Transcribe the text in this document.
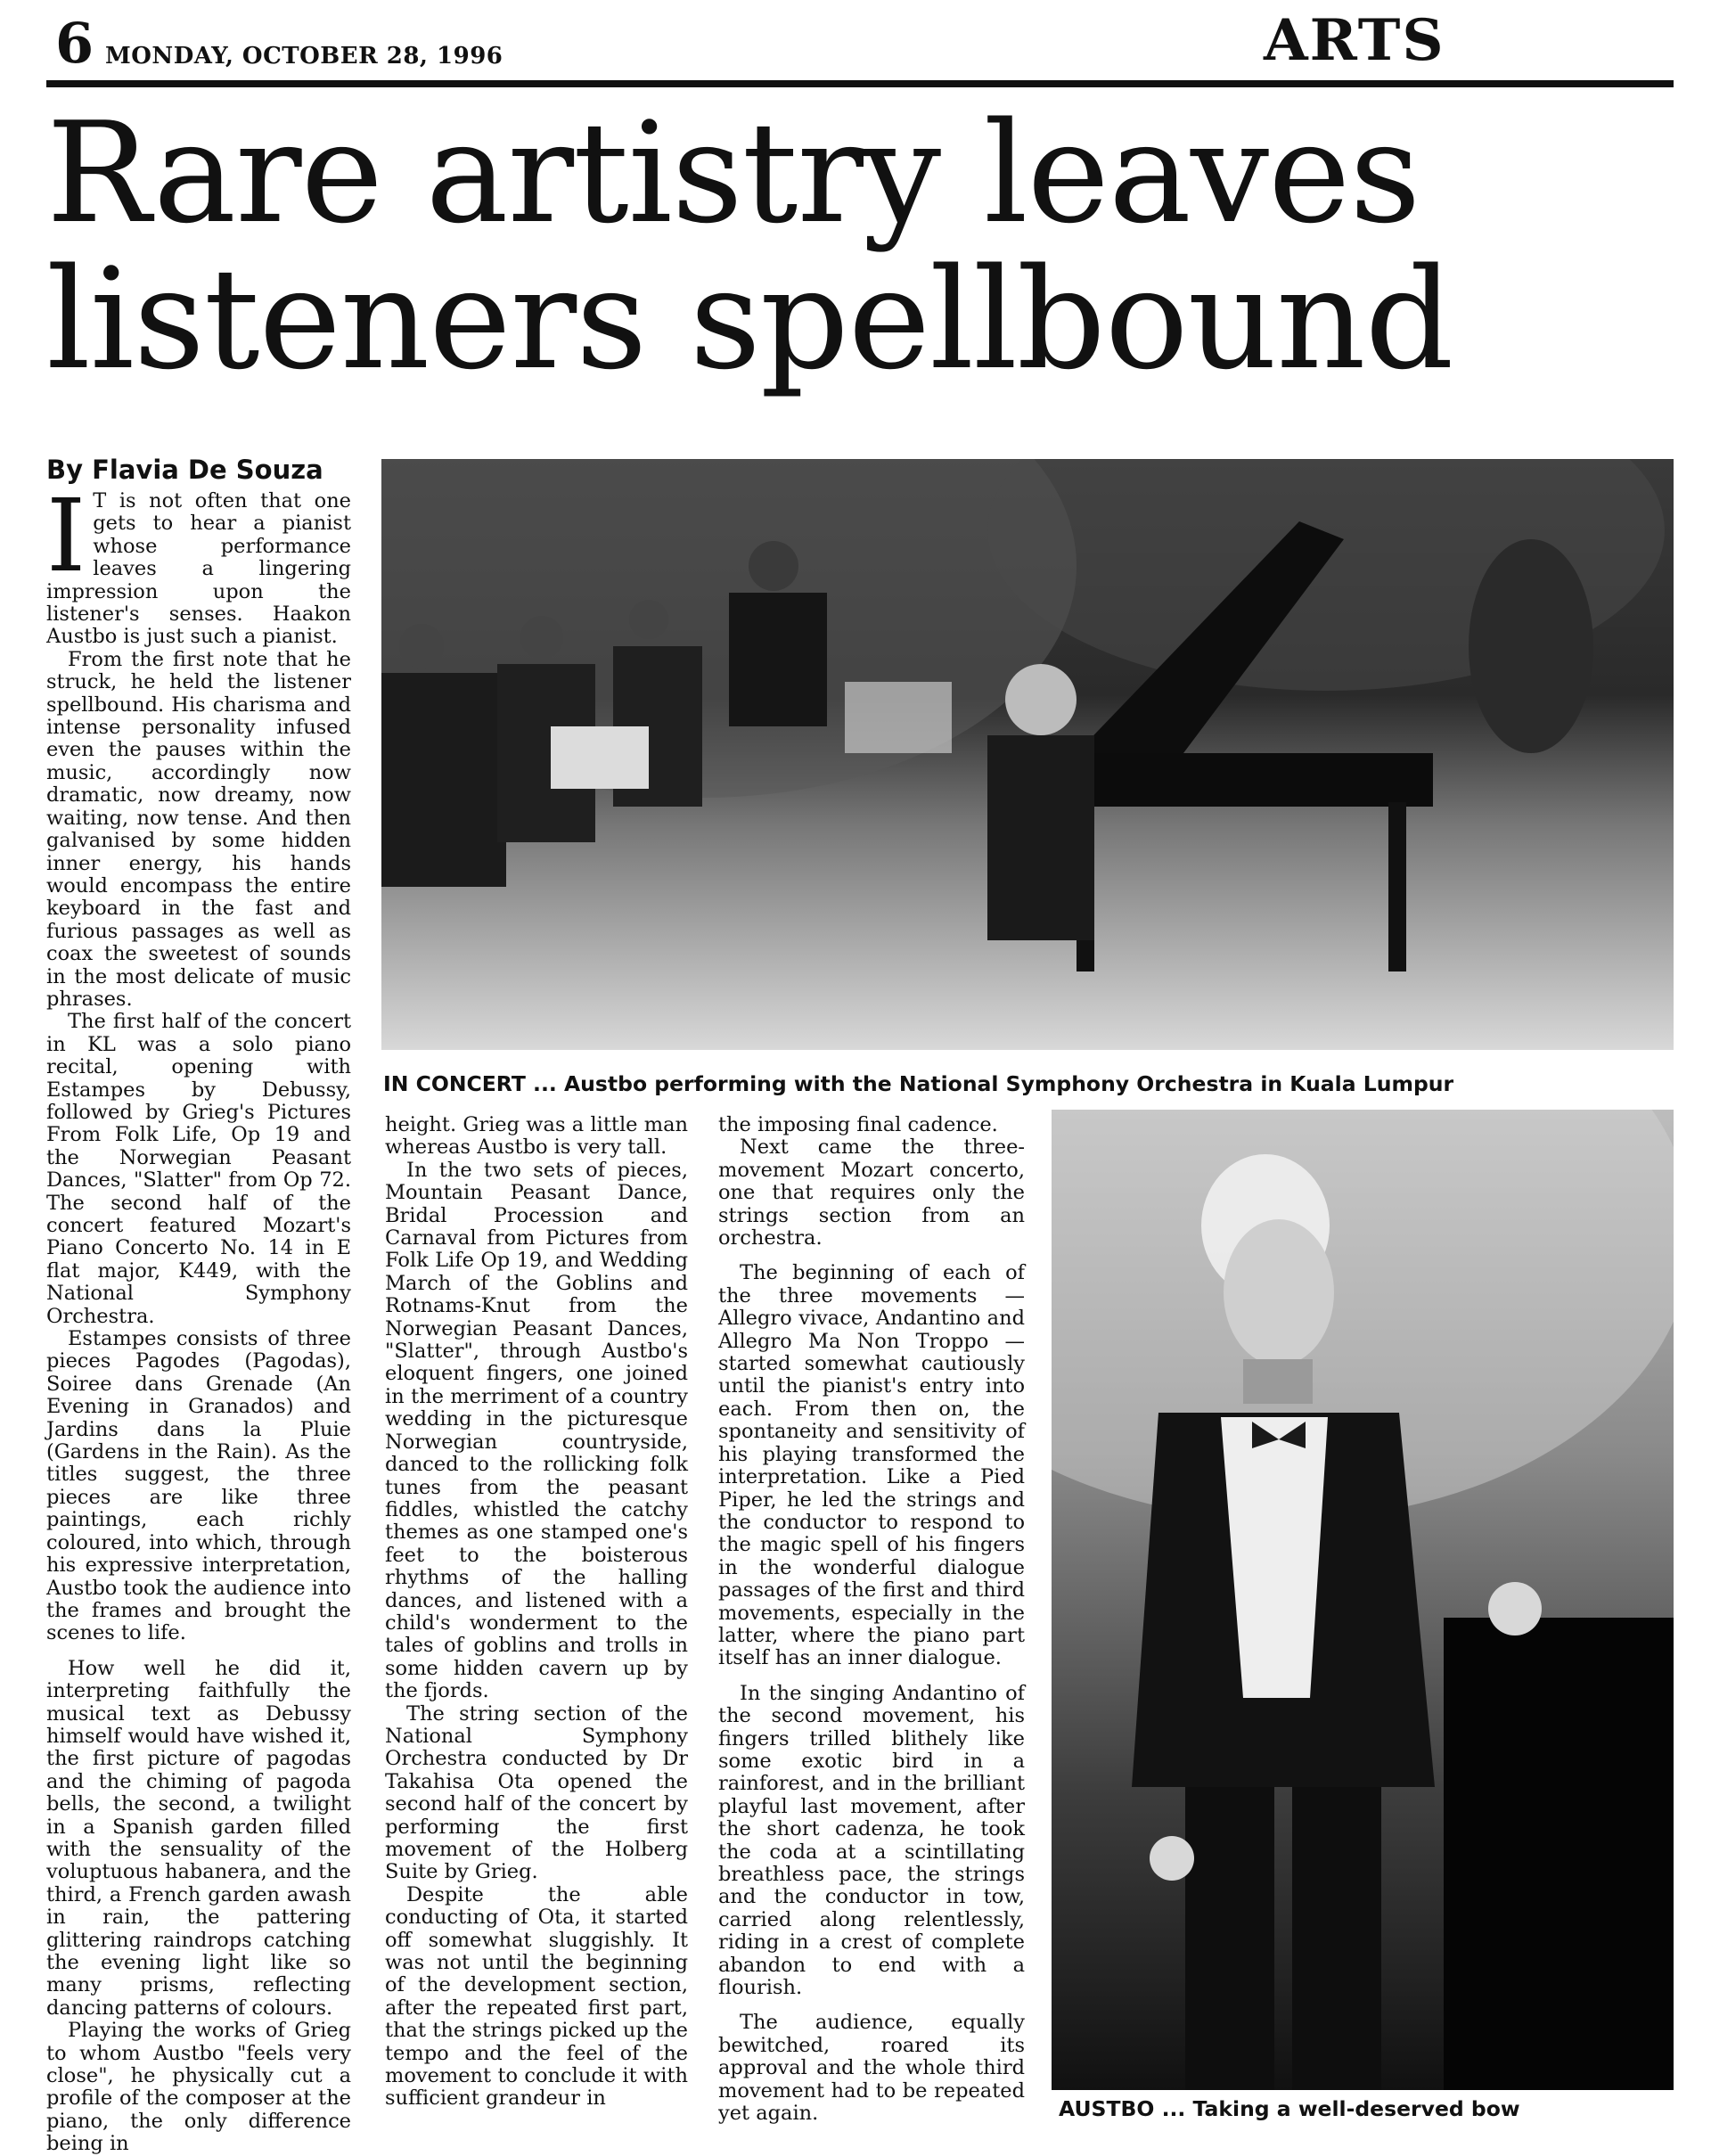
6 MONDAY, OCTOBER 28, 1996	ARTS
Rare artistry leaves
listeners spellbound
By Flavia De Souza
IN CONCERT ... Austbo performing with the National Symphony Orchestra in Kuala Lumpur
AUSTBO ... Taking a well-deserved bow
I T is not often that one gets to hear a pianist whose performance leaves a lingering impression upon the listener's senses. Haakon Austbo is just such a pianist.

From the first note that he struck, he held the listener spellbound. His charisma and intense personality infused even the pauses within the music, accordingly now dramatic, now dreamy, now waiting, now tense. And then galvanised by some hidden inner energy, his hands would encompass the entire keyboard in the fast and furious passages as well as coax the sweetest of sounds in the most delicate of music phrases.

The first half of the concert in KL was a solo piano recital, opening with Estampes by Debussy, followed by Grieg's Pictures From Folk Life, Op 19 and the Norwegian Peasant Dances, "Slatter" from Op 72. The second half of the concert featured Mozart's Piano Concerto No. 14 in E flat major, K449, with the National Symphony Orchestra.

Estampes consists of three pieces Pagodes (Pagodas), Soiree dans Grenade (An Evening in Granados) and Jardins dans la Pluie (Gardens in the Rain). As the titles suggest, the three pieces are like three paintings, each richly coloured, into which, through his expressive interpretation, Austbo took the audience into the frames and brought the scenes to life.

How well he did it, interpreting faithfully the musical text as Debussy himself would have wished it, the first picture of pagodas and the chiming of pagoda bells, the second, a twilight in a Spanish garden filled with the sensuality of the voluptuous habanera, and the third, a French garden awash in rain, the pattering glittering raindrops catching the evening light like so many prisms, reflecting dancing patterns of colours.

Playing the works of Grieg to whom Austbo "feels very close", he physically cut a profile of the composer at the piano, the only difference being in

height. Grieg was a little man whereas Austbo is very tall.

In the two sets of pieces, Mountain Peasant Dance, Bridal Procession and Carnaval from Pictures from Folk Life Op 19, and Wedding March of the Goblins and Rotnams-Knut from the Norwegian Peasant Dances, "Slatter", through Austbo's eloquent fingers, one joined in the merriment of a country wedding in the picturesque Norwegian countryside, danced to the rollicking folk tunes from the peasant fiddles, whistled the catchy themes as one stamped one's feet to the boisterous rhythms of the halling dances, and listened with a child's wonderment to the tales of goblins and trolls in some hidden cavern up by the fjords.

The string section of the National Symphony Orchestra conducted by Dr Takahisa Ota opened the second half of the concert by performing the first movement of the Holberg Suite by Grieg.

Despite the able conducting of Ota, it started off somewhat sluggishly. It was not until the beginning of the development section, after the repeated first part, that the strings picked up the tempo and the feel of the movement to conclude it with sufficient grandeur in

the imposing final cadence.

Next came the three-movement Mozart concerto, one that requires only the strings section from an orchestra.

The beginning of each of the three movements — Allegro vivace, Andantino and Allegro Ma Non Troppo — started somewhat cautiously until the pianist's entry into each. From then on, the spontaneity and sensitivity of his playing transformed the interpretation. Like a Pied Piper, he led the strings and the conductor to respond to the magic spell of his fingers in the wonderful dialogue passages of the first and third movements, especially in the latter, where the piano part itself has an inner dialogue.

In the singing Andantino of the second movement, his fingers trilled blithely like some exotic bird in a rainforest, and in the brilliant playful last movement, after the short cadenza, he took the coda at a scintillating breathless pace, the strings and the conductor in tow, carried along relentlessly, riding in a crest of complete abandon to end with a flourish.

The audience, equally bewitched, roared its approval and the whole third movement had to be repeated yet again.
